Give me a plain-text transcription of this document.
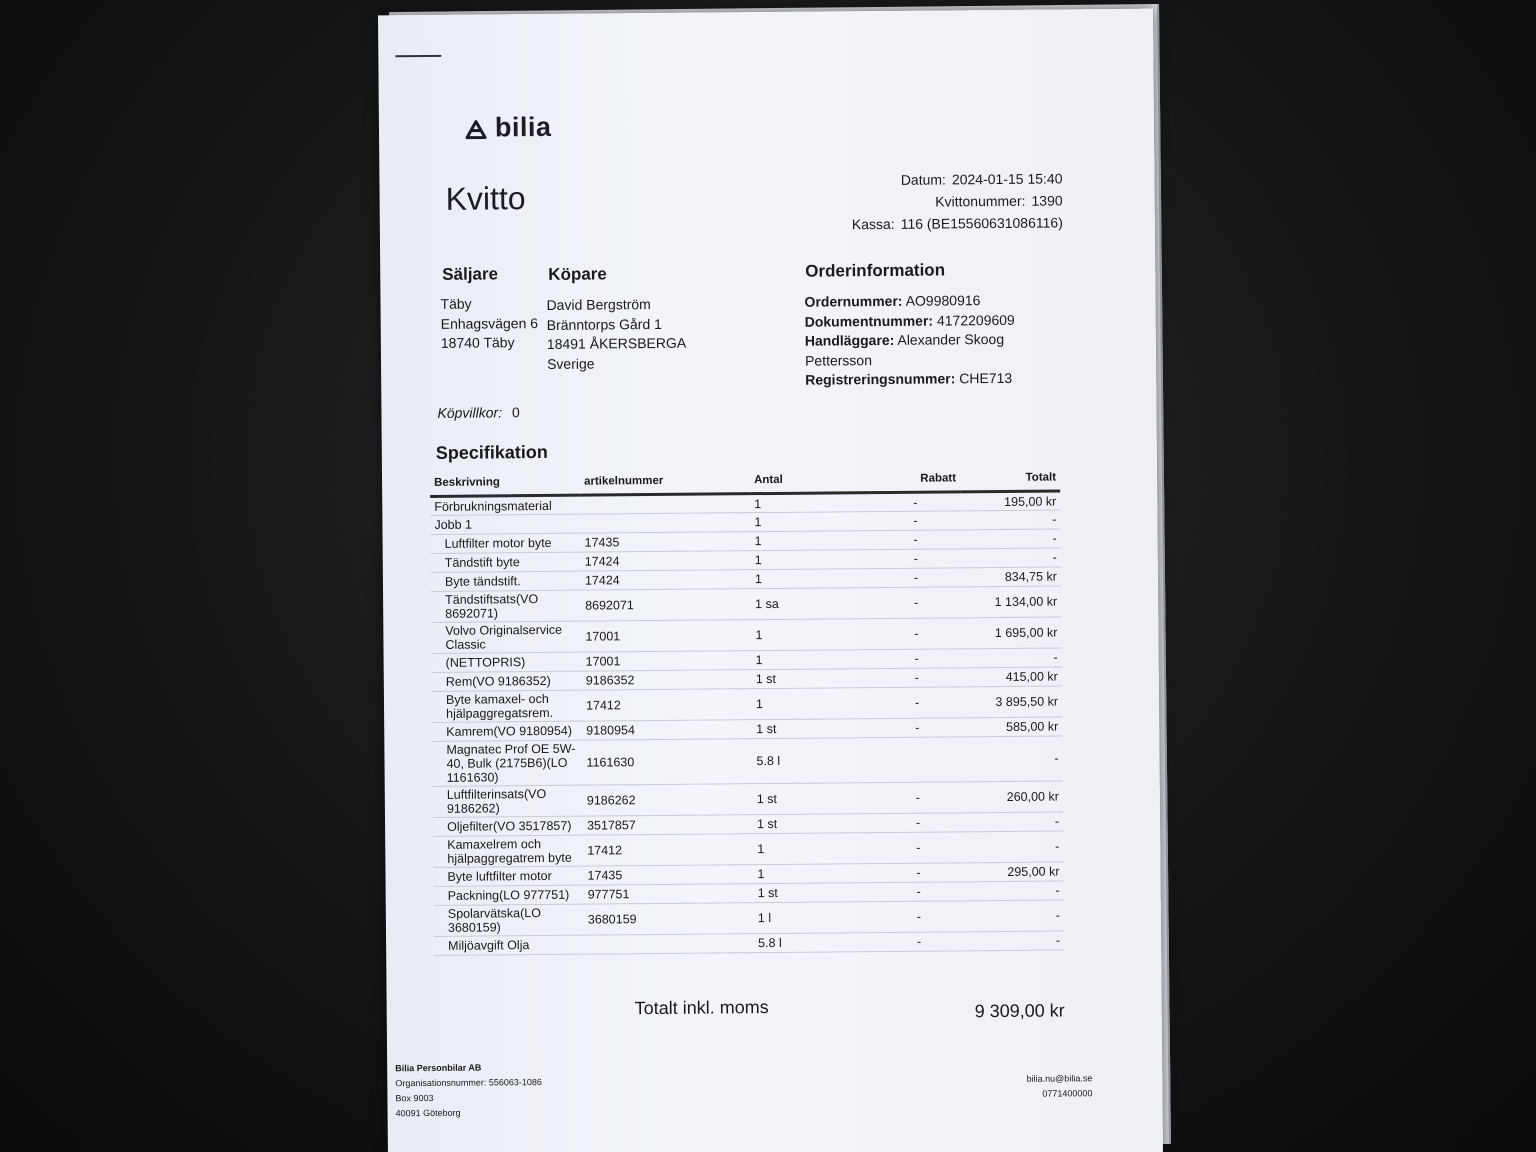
bilia
Kvitto
Datum: 2024-01-15 15:40
Kvittonummer: 1390
Kassa: 116 (BE15560631086116)
Säljare
Täby
Enhagsvägen 6
18740 Täby
Köpare
David Bergström
Bränntorps Gård 1
18491 ÅKERSBERGA
Sverige
Orderinformation
Ordernummer: AO9980916
Dokumentnummer: 4172209609
Handläggare: Alexander Skoog Pettersson
Registreringsnummer: CHE713
Köpvillkor: 0
Specifikation
Beskrivning	artikelnummer	Antal	Rabatt	Totalt
Förbrukningsmaterial		1	-	195,00 kr
Jobb 1		1	-	-
Luftfilter motor byte	17435	1	-	-
Tändstift byte	17424	1	-	-
Byte tändstift.	17424	1	-	834,75 kr
Tändstiftsats(VO 8692071)	8692071	1 sa	-	1 134,00 kr
Volvo Originalservice Classic	17001	1	-	1 695,00 kr
(NETTOPRIS)	17001	1	-	-
Rem(VO 9186352)	9186352	1 st	-	415,00 kr
Byte kamaxel- och hjälpaggregatsrem.	17412	1	-	3 895,50 kr
Kamrem(VO 9180954)	9180954	1 st	-	585,00 kr
Magnatec Prof OE 5W-40, Bulk (2175B6)(LO 1161630)	1161630	5.8 l		-
Luftfilterinsats(VO 9186262)	9186262	1 st	-	260,00 kr
Oljefilter(VO 3517857)	3517857	1 st	-	-
Kamaxelrem och hjälpaggregatrem byte	17412	1	-	-
Byte luftfilter motor	17435	1	-	295,00 kr
Packning(LO 977751)	977751	1 st	-	-
Spolarvätska(LO 3680159)	3680159	1 l	-	-
Miljöavgift Olja		5.8 l	-	-
Totalt inkl. moms	9 309,00 kr
Bilia Personbilar AB
Organisationsnummer: 556063-1086
Box 9003
40091 Göteborg
bilia.nu@bilia.se
0771400000
